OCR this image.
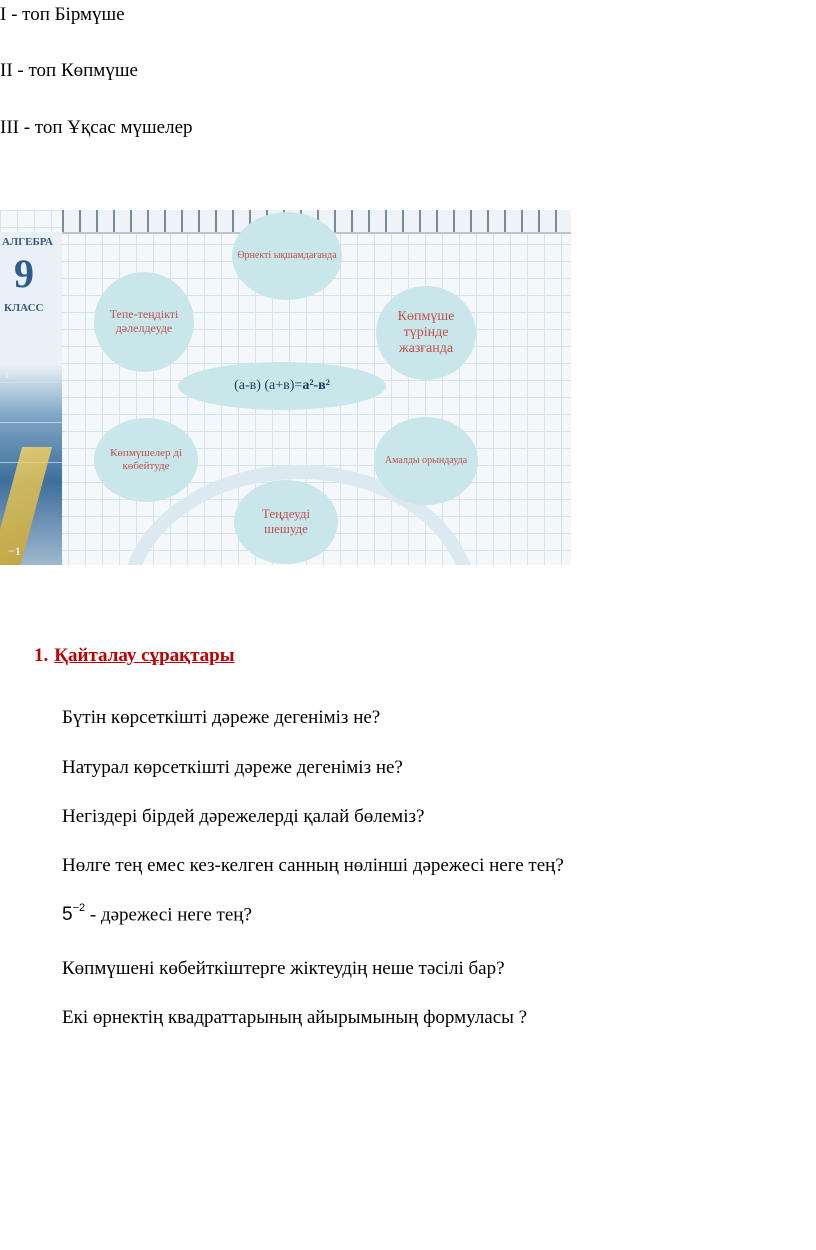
I - топ Бірмүше
II - топ Көпмүше
III - топ Ұқсас мүшелер
АЛГЕБРА
9
КЛАСС
1
−1
Өрнекті ықшамдағанда
Көпмүше түрінде жазғанда
Амалды орындауда
Теңдеуді шешуде
Көпмүшелер ді көбейтуде
Тепе-теңдікті дәлелдеуде
(а-в) (а+в)= а²-в²
1. Қайталау сұрақтары
Бүтін көрсеткішті дәреже дегеніміз не?
Натурал көрсеткішті дәреже дегеніміз не?
Негіздері бірдей дәрежелерді қалай бөлеміз?
Нөлге тең емес кез-келген санның нөлінші дәрежесі неге тең?
$5^{-2}$ - дәрежесі неге тең?
Көпмүшені көбейткіштерге жіктеудің неше тәсілі бар?
Екі өрнектің квадраттарының айырымының формуласы ?
